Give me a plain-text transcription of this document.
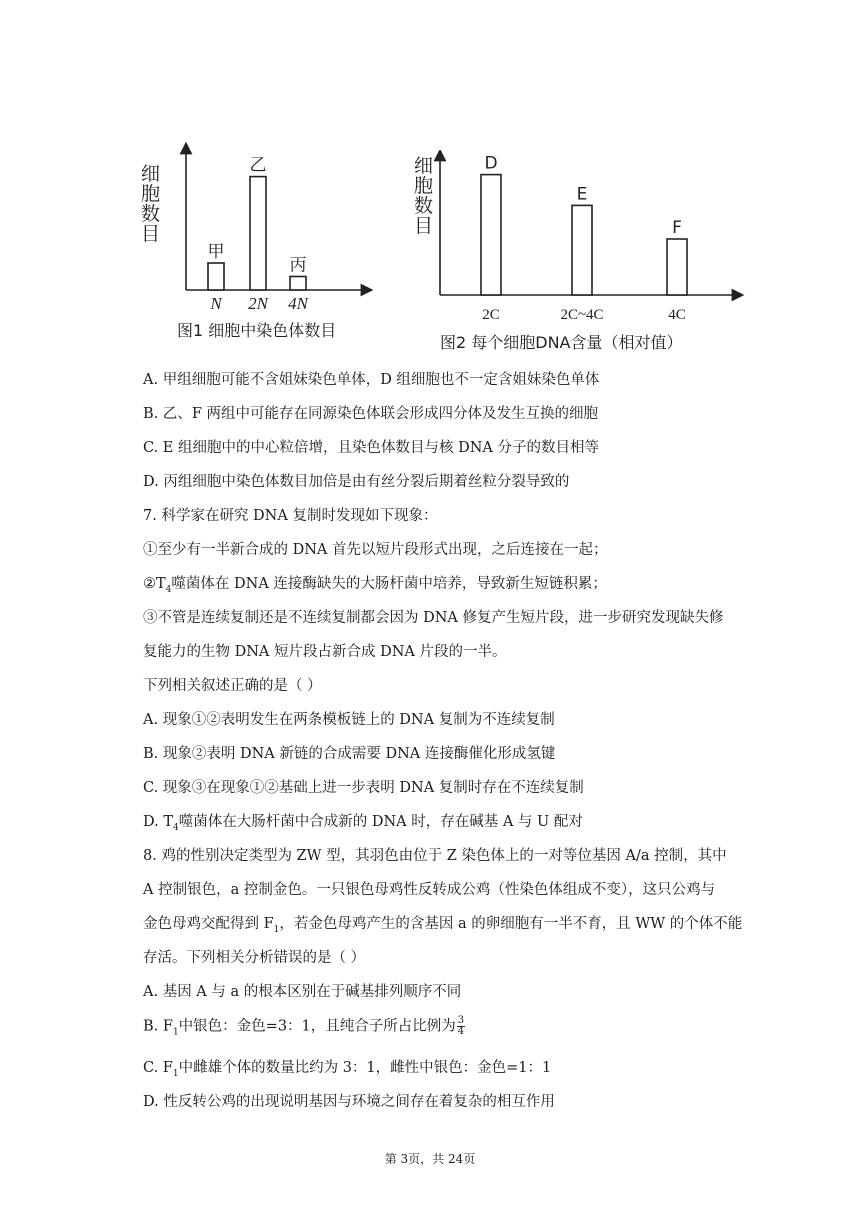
细
胞
数
目
甲
N
乙
2N
丙
4N
图1 细胞中染色体数目
细
胞
数
目
D
2C
E
2C~4C
F
4C
图2 每个细胞DNA含量（相对值）
A. 甲组细胞可能不含姐妹染色单体，D 组细胞也不一定含姐妹染色单体
B. 乙、F 两组中可能存在同源染色体联会形成四分体及发生互换的细胞
C. E 组细胞中的中心粒倍增，且染色体数目与核 DNA 分子的数目相等
D. 丙组细胞中染色体数目加倍是由有丝分裂后期着丝粒分裂导致的
7. 科学家在研究 DNA 复制时发现如下现象：
①至少有一半新合成的 DNA 首先以短片段形式出现，之后连接在一起；
$②T_4$噬菌体在 DNA 连接酶缺失的大肠杆菌中培养，导致新生短链积累；
③不管是连续复制还是不连续复制都会因为 DNA 修复产生短片段，进一步研究发现缺失修
复能力的生物 DNA 短片段占新合成 DNA 片段的一半。
下列相关叙述正确的是（ ）
A. 现象①②表明发生在两条模板链上的 DNA 复制为不连续复制
B. 现象②表明 DNA 新链的合成需要 DNA 连接酶催化形成氢键
C. 现象③在现象①②基础上进一步表明 DNA 复制时存在不连续复制
D. $T_4$噬菌体在大肠杆菌中合成新的 DNA 时，存在碱基 A 与 U 配对
8. 鸡的性别决定类型为 ZW 型，其羽色由位于 Z 染色体上的一对等位基因 A/a 控制，其中
A 控制银色，a 控制金色。一只银色母鸡性反转成公鸡（性染色体组成不变），这只公鸡与
金色母鸡交配得到 $F_1$，若金色母鸡产生的含基因 a 的卵细胞有一半不育，且 WW 的个体不能
存活。下列相关分析错误的是（ ）
A. 基因 A 与 a 的根本区别在于碱基排列顺序不同
B. $F_1$中银色：金色=3：1，且纯合子所占比例为 $\frac{3}{4}$
C. $F_1$中雌雄个体的数量比约为 3：1，雌性中银色：金色=1：1
D. 性反转公鸡的出现说明基因与环境之间存在着复杂的相互作用
第 3页，共 24页
